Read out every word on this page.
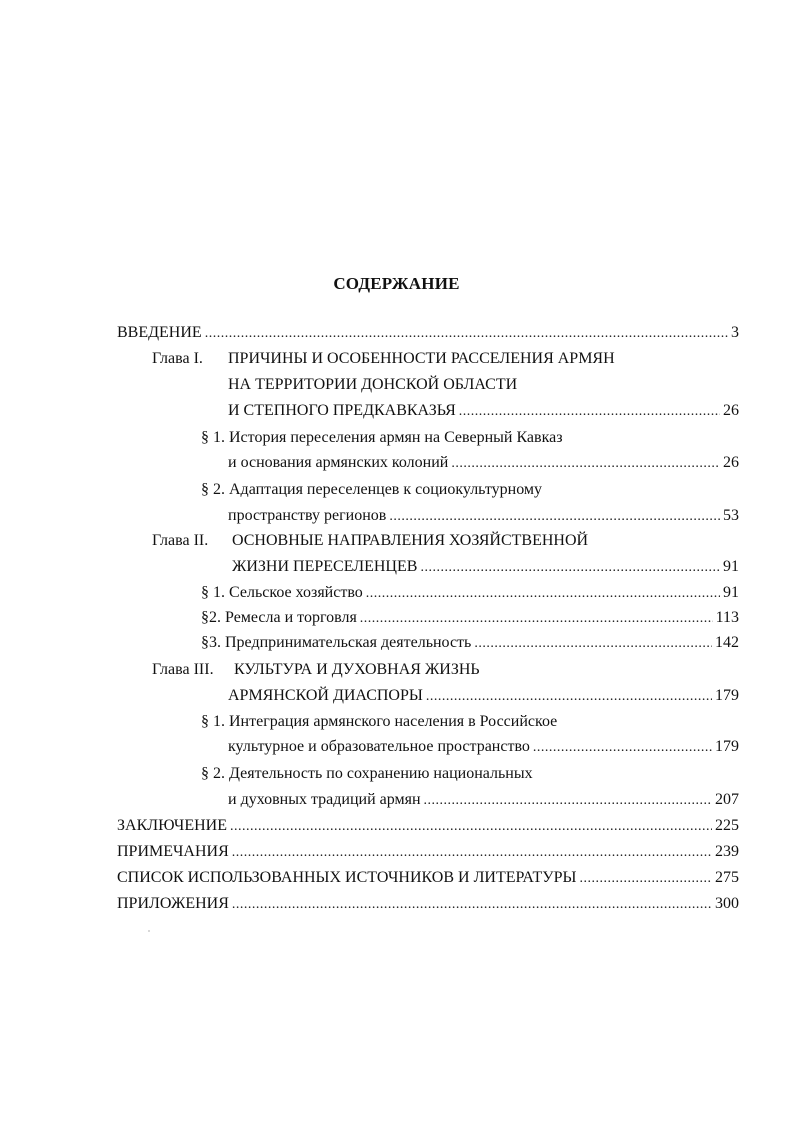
СОДЕРЖАНИЕ
ВВЕДЕНИЕ . . .	3
Глава I. ПРИЧИНЫ И ОСОБЕННОСТИ РАССЕЛЕНИЯ АРМЯН
НА ТЕРРИТОРИИ ДОНСКОЙ ОБЛАСТИ
И СТЕПНОГО ПРЕДКАВКАЗЬЯ . . .	26
§ 1. История переселения армян на Северный Кавказ
и основания армянских колоний . . .	26
§ 2. Адаптация переселенцев к социокультурному
пространству регионов . . .	53
Глава II. ОСНОВНЫЕ НАПРАВЛЕНИЯ ХОЗЯЙСТВЕННОЙ
ЖИЗНИ ПЕРЕСЕЛЕНЦЕВ . . .	91
§ 1. Сельское хозяйство . . .	91
§2. Ремесла и торговля . . .	113
§3. Предпринимательская деятельность . . .	142
Глава III. КУЛЬТУРА И ДУХОВНАЯ ЖИЗНЬ
АРМЯНСКОЙ ДИАСПОРЫ . . .	179
§ 1. Интеграция армянского населения в Российское
культурное и образовательное пространство . . .	179
§ 2. Деятельность по сохранению национальных
и духовных традиций армян . . .	207
ЗАКЛЮЧЕНИЕ . . .	225
ПРИМЕЧАНИЯ . . .	239
СПИСОК ИСПОЛЬЗОВАННЫХ ИСТОЧНИКОВ И ЛИТЕРАТУРЫ . . .	275
ПРИЛОЖЕНИЯ . . .	300
